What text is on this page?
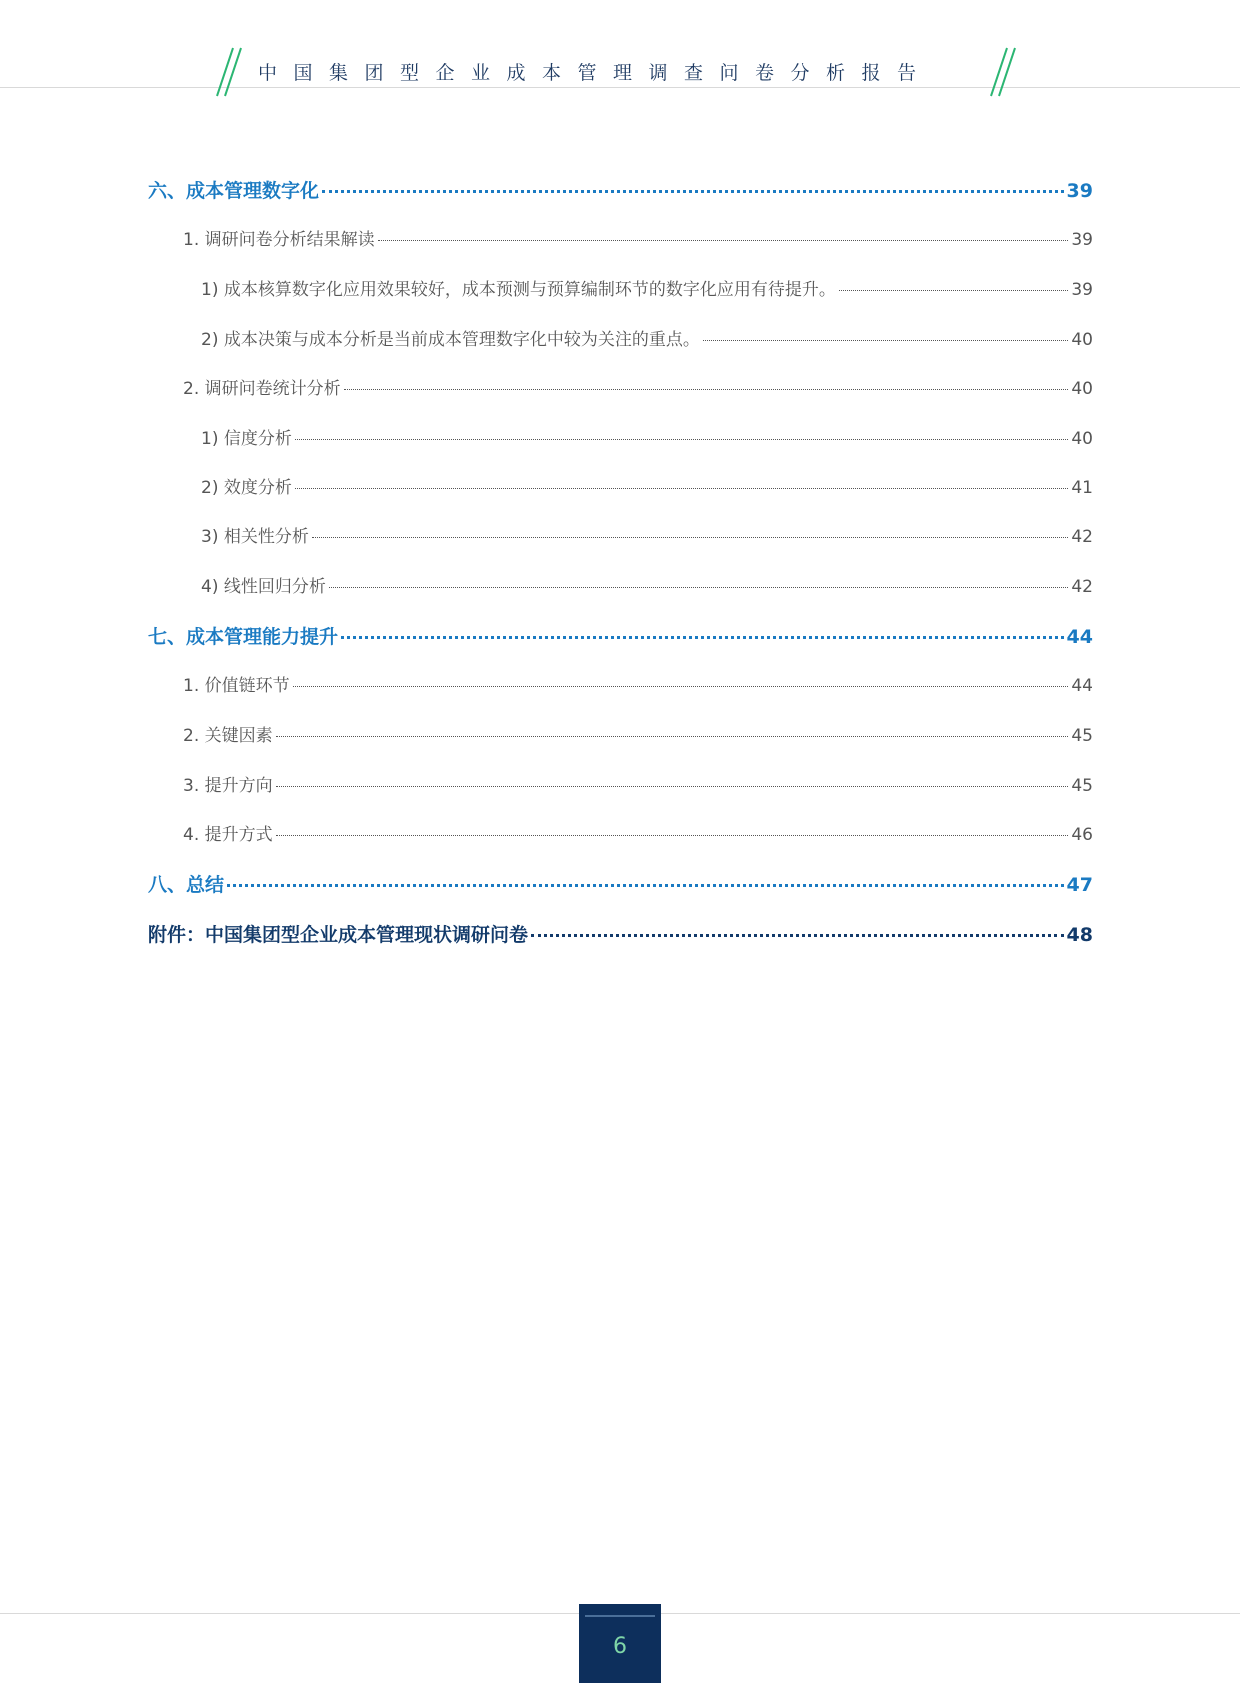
中国集团型企业成本管理调查问卷分析报告
六、成本管理数字化	39
1. 调研问卷分析结果解读	39
1) 成本核算数字化应用效果较好，成本预测与预算编制环节的数字化应用有待提升。	39
2) 成本决策与成本分析是当前成本管理数字化中较为关注的重点。	40
2. 调研问卷统计分析	40
1) 信度分析	40
2) 效度分析	41
3) 相关性分析	42
4) 线性回归分析	42
七、成本管理能力提升	44
1. 价值链环节	44
2. 关键因素	45
3. 提升方向	45
4. 提升方式	46
八、总结	47
附件：中国集团型企业成本管理现状调研问卷	48
6
